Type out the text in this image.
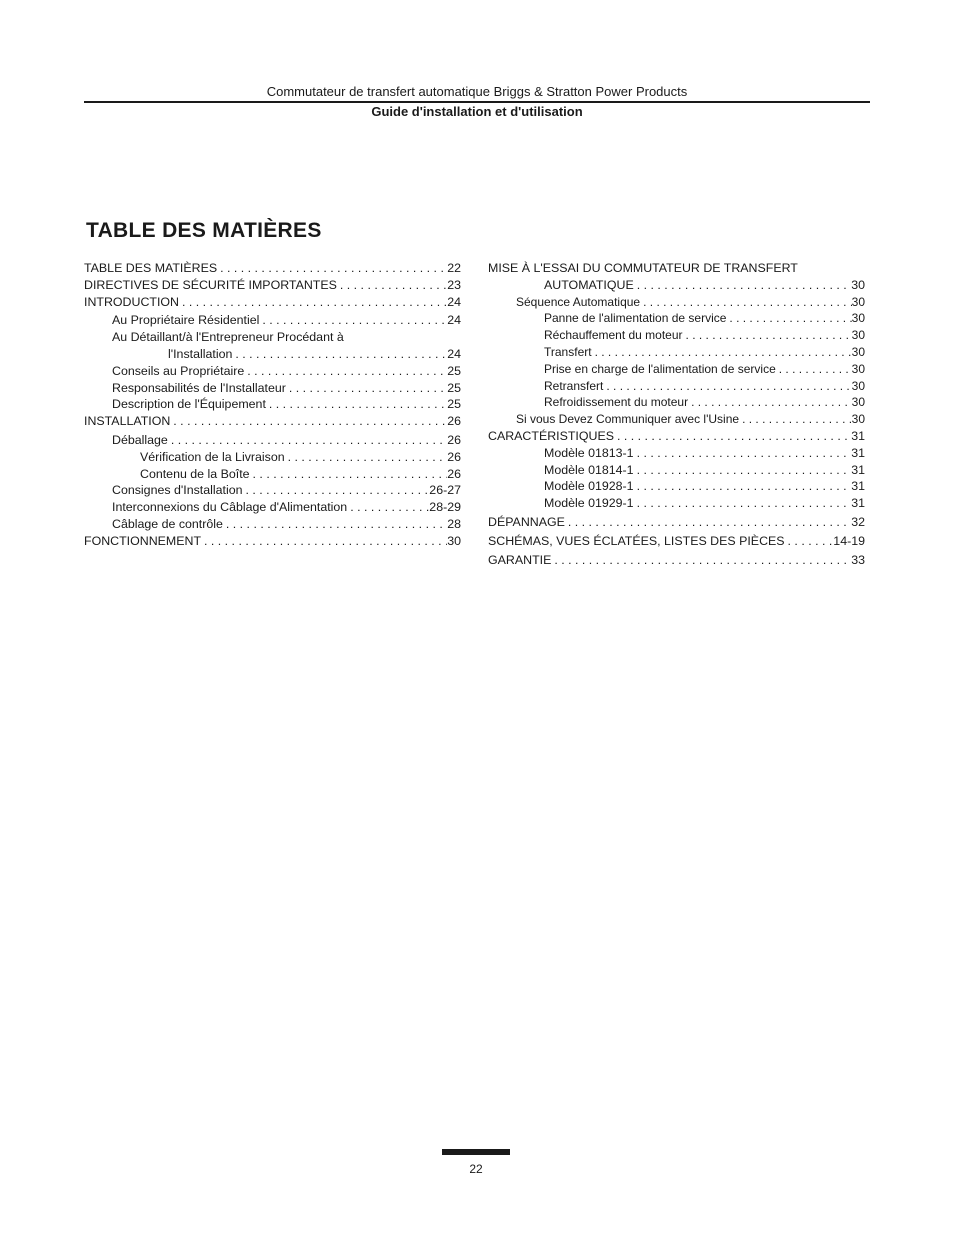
Commutateur de transfert automatique Briggs & Stratton Power Products
Guide d'installation et d'utilisation
TABLE DES MATIÈRES
TABLE DES MATIÈRES . . .	22
DIRECTIVES DE SÉCURITÉ IMPORTANTES . . .	23
INTRODUCTION . . .	24
Au Propriétaire Résidentiel . . .	24
Au Détaillant/à l'Entrepreneur Procédant à
l'Installation . . .	24
Conseils au Propriétaire . . .	25
Responsabilités de l'Installateur . . .	25
Description de l'Équipement . . .	25
INSTALLATION . . .	26
Déballage . . .	26
Vérification de la Livraison . . .	26
Contenu de la Boîte . . .	26
Consignes d'Installation . . .	26-27
Interconnexions du Câblage d'Alimentation . . .	28-29
Câblage de contrôle . . .	28
FONCTIONNEMENT . . .	30
MISE À L'ESSAI DU COMMUTATEUR DE TRANSFERT
AUTOMATIQUE . . .	30
Séquence Automatique . . .	30
Panne de l'alimentation de service . . .	30
Réchauffement du moteur . . .	30
Transfert . . .	30
Prise en charge de l'alimentation de service . . .	30
Retransfert . . .	30
Refroidissement du moteur . . .	30
Si vous Devez Communiquer avec l'Usine . . .	30
CARACTÉRISTIQUES . . .	31
Modèle 01813-1 . . .	31
Modèle 01814-1 . . .	31
Modèle 01928-1 . . .	31
Modèle 01929-1 . . .	31
DÉPANNAGE . . .	32
SCHÉMAS, VUES ÉCLATÉES, LISTES DES PIÈCES . . .	14-19
GARANTIE . . .	33
22
